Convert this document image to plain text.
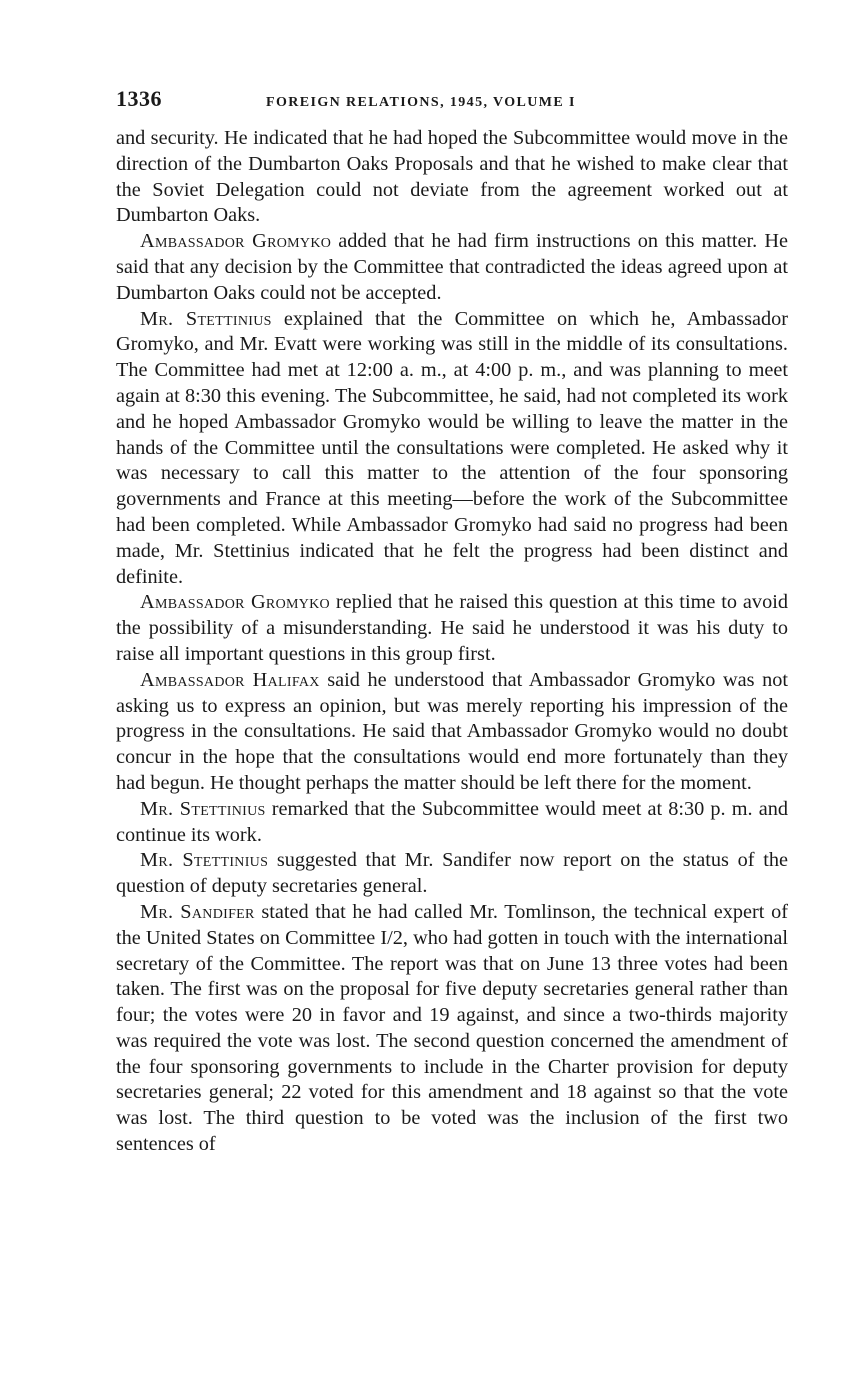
1336	FOREIGN RELATIONS, 1945, VOLUME I

and security. He indicated that he had hoped the Subcommittee would move in the direction of the Dumbarton Oaks Proposals and that he wished to make clear that the Soviet Delegation could not deviate from the agreement worked out at Dumbarton Oaks.

Ambassador Gromyko added that he had firm instructions on this matter. He said that any decision by the Committee that contradicted the ideas agreed upon at Dumbarton Oaks could not be accepted.

Mr. Stettinius explained that the Committee on which he, Ambassador Gromyko, and Mr. Evatt were working was still in the middle of its consultations. The Committee had met at 12:00 a. m., at 4:00 p. m., and was planning to meet again at 8:30 this evening. The Subcommittee, he said, had not completed its work and he hoped Ambassador Gromyko would be willing to leave the matter in the hands of the Committee until the consultations were completed. He asked why it was necessary to call this matter to the attention of the four sponsoring governments and France at this meeting—before the work of the Subcommittee had been completed. While Ambassador Gromyko had said no progress had been made, Mr. Stettinius indicated that he felt the progress had been distinct and definite.

Ambassador Gromyko replied that he raised this question at this time to avoid the possibility of a misunderstanding. He said he understood it was his duty to raise all important questions in this group first.

Ambassador Halifax said he understood that Ambassador Gromyko was not asking us to express an opinion, but was merely reporting his impression of the progress in the consultations. He said that Ambassador Gromyko would no doubt concur in the hope that the consultations would end more fortunately than they had begun. He thought perhaps the matter should be left there for the moment.

Mr. Stettinius remarked that the Subcommittee would meet at 8:30 p. m. and continue its work.

Mr. Stettinius suggested that Mr. Sandifer now report on the status of the question of deputy secretaries general.

Mr. Sandifer stated that he had called Mr. Tomlinson, the technical expert of the United States on Committee I/2, who had gotten in touch with the international secretary of the Committee. The report was that on June 13 three votes had been taken. The first was on the proposal for five deputy secretaries general rather than four; the votes were 20 in favor and 19 against, and since a two-thirds majority was required the vote was lost. The second question concerned the amendment of the four sponsoring governments to include in the Charter provision for deputy secretaries general; 22 voted for this amendment and 18 against so that the vote was lost. The third question to be voted was the inclusion of the first two sentences of
